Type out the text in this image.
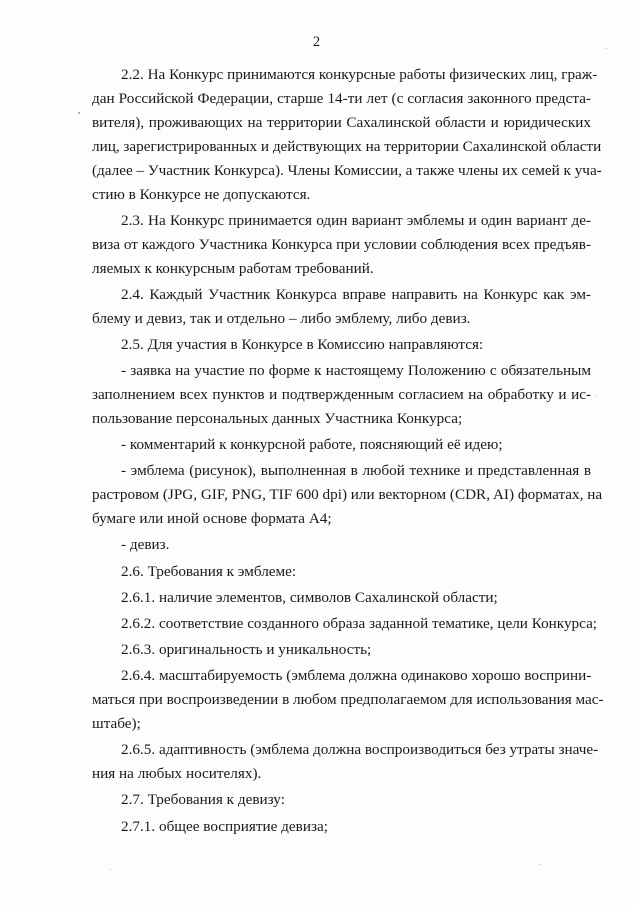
2
2.2. На Конкурс принимаются конкурсные работы физических лиц, граж-
дан Российской Федерации, старше 14-ти лет (с согласия законного предста-
вителя), проживающих на территории Сахалинской области и юридических
лиц, зарегистрированных и действующих на территории Сахалинской области
(далее – Участник Конкурса). Члены Комиссии, а также члены их семей к уча-
стию в Конкурсе не допускаются.
2.3. На Конкурс принимается один вариант эмблемы и один вариант де-
виза от каждого Участника Конкурса при условии соблюдения всех предъяв-
ляемых к конкурсным работам требований.
2.4. Каждый Участник Конкурса вправе направить на Конкурс как эм-
блему и девиз, так и отдельно – либо эмблему, либо девиз.
2.5. Для участия в Конкурсе в Комиссию направляются:
- заявка на участие по форме к настоящему Положению с обязательным
заполнением всех пунктов и подтвержденным согласием на обработку и ис-
пользование персональных данных Участника Конкурса;
- комментарий к конкурсной работе, поясняющий её идею;
- эмблема (рисунок), выполненная в любой технике и представленная в
растровом (JPG, GIF, PNG, TIF 600 dpi) или векторном (CDR, AI) форматах, на
бумаге или иной основе формата А4;
- девиз.
2.6. Требования к эмблеме:
2.6.1. наличие элементов, символов Сахалинской области;
2.6.2. соответствие созданного образа заданной тематике, цели Конкурса;
2.6.3. оригинальность и уникальность;
2.6.4. масштабируемость (эмблема должна одинаково хорошо восприни-
маться при воспроизведении в любом предполагаемом для использования мас-
штабе);
2.6.5. адаптивность (эмблема должна воспроизводиться без утраты значе-
ния на любых носителях).
2.7. Требования к девизу:
2.7.1. общее восприятие девиза;
